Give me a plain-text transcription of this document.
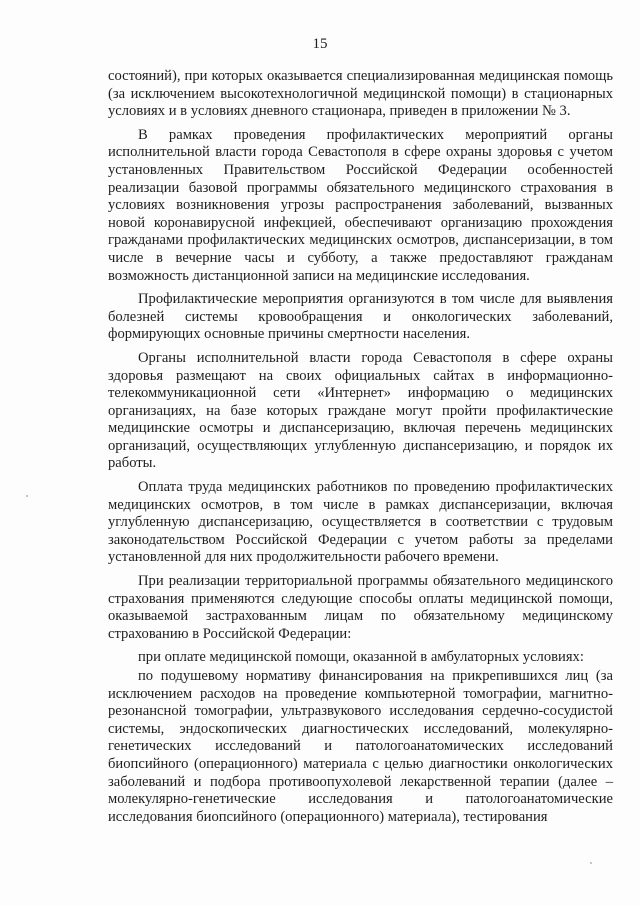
15

состояний), при которых оказывается специализированная медицинская помощь (за исключением высокотехнологичной медицинской помощи) в стационарных условиях и в условиях дневного стационара, приведен в приложении № 3.

В рамках проведения профилактических мероприятий органы исполнительной власти города Севастополя в сфере охраны здоровья с учетом установленных Правительством Российской Федерации особенностей реализации базовой программы обязательного медицинского страхования в условиях возникновения угрозы распространения заболеваний, вызванных новой коронавирусной инфекцией, обеспечивают организацию прохождения гражданами профилактических медицинских осмотров, диспансеризации, в том числе в вечерние часы и субботу, а также предоставляют гражданам возможность дистанционной записи на медицинские исследования.

Профилактические мероприятия организуются в том числе для выявления болезней системы кровообращения и онкологических заболеваний, формирующих основные причины смертности населения.

Органы исполнительной власти города Севастополя в сфере охраны здоровья размещают на своих официальных сайтах в информационно-телекоммуникационной сети «Интернет» информацию о медицинских организациях, на базе которых граждане могут пройти профилактические медицинские осмотры и диспансеризацию, включая перечень медицинских организаций, осуществляющих углубленную диспансеризацию, и порядок их работы.

Оплата труда медицинских работников по проведению профилактических медицинских осмотров, в том числе в рамках диспансеризации, включая углубленную диспансеризацию, осуществляется в соответствии с трудовым законодательством Российской Федерации с учетом работы за пределами установленной для них продолжительности рабочего времени.

При реализации территориальной программы обязательного медицинского страхования применяются следующие способы оплаты медицинской помощи, оказываемой застрахованным лицам по обязательному медицинскому страхованию в Российской Федерации:

при оплате медицинской помощи, оказанной в амбулаторных условиях:

по подушевому нормативу финансирования на прикрепившихся лиц (за исключением расходов на проведение компьютерной томографии, магнитно-резонансной томографии, ультразвукового исследования сердечно-сосудистой системы, эндоскопических диагностических исследований, молекулярно-генетических исследований и патологоанатомических исследований биопсийного (операционного) материала с целью диагностики онкологических заболеваний и подбора противоопухолевой лекарственной терапии (далее – молекулярно-генетические исследования и патологоанатомические исследования биопсийного (операционного) материала), тестирования
